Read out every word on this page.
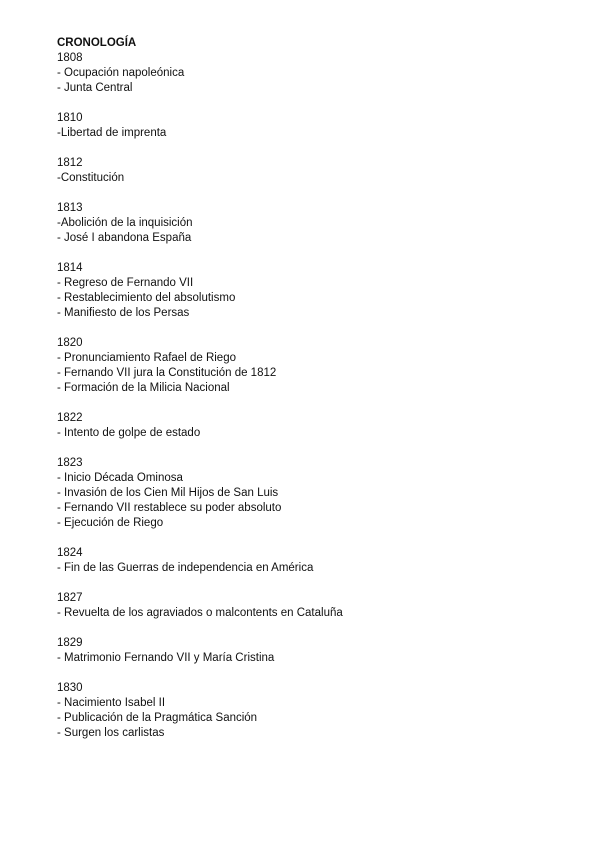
CRONOLOGÍA

1808

- Ocupación napoleónica

- Junta Central

1810

-Libertad de imprenta

1812

-Constitución

1813

-Abolición de la inquisición

- José I abandona España

1814

- Regreso de Fernando VII

- Restablecimiento del absolutismo

- Manifiesto de los Persas

1820

- Pronunciamiento Rafael de Riego

- Fernando VII jura la Constitución de 1812

- Formación de la Milicia Nacional

1822

- Intento de golpe de estado

1823

- Inicio Década Ominosa

- Invasión de los Cien Mil Hijos de San Luis

- Fernando VII restablece su poder absoluto

- Ejecución de Riego

1824

- Fin de las Guerras de independencia en América

1827

- Revuelta de los agraviados o malcontents en Cataluña

1829

- Matrimonio Fernando VII y María Cristina

1830

- Nacimiento Isabel II

- Publicación de la Pragmática Sanción

- Surgen los carlistas
